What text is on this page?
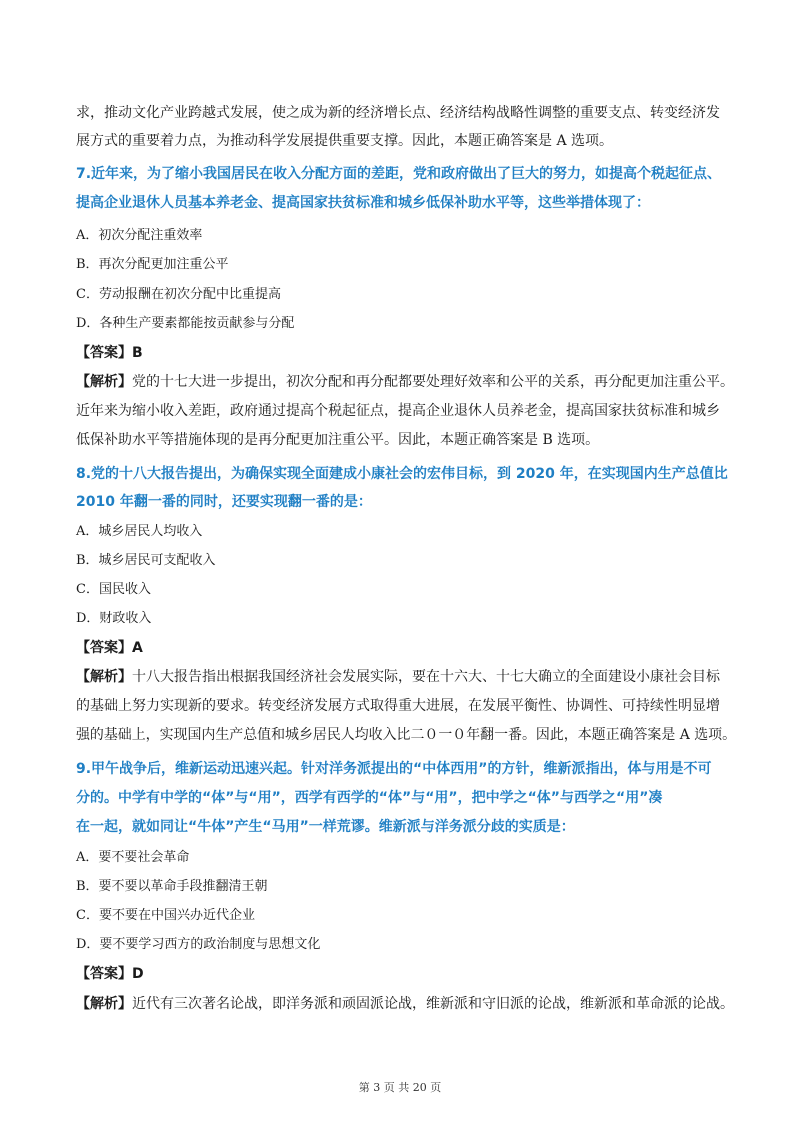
求，推动文化产业跨越式发展，使之成为新的经济增长点、经济结构战略性调整的重要支点、转变经济发
展方式的重要着力点，为推动科学发展提供重要支撑。因此，本题正确答案是 A 选项。
7.近年来，为了缩小我国居民在收入分配方面的差距，党和政府做出了巨大的努力，如提高个税起征点、
提高企业退休人员基本养老金、提高国家扶贫标准和城乡低保补助水平等，这些举措体现了：
A．初次分配注重效率
B．再次分配更加注重公平
C．劳动报酬在初次分配中比重提高
D．各种生产要素都能按贡献参与分配
【答案】B
【解析】党的十七大进一步提出，初次分配和再分配都要处理好效率和公平的关系，再分配更加注重公平。
近年来为缩小收入差距，政府通过提高个税起征点，提高企业退休人员养老金，提高国家扶贫标准和城乡
低保补助水平等措施体现的是再分配更加注重公平。因此，本题正确答案是 B 选项。
8.党的十八大报告提出，为确保实现全面建成小康社会的宏伟目标，到 2020 年，在实现国内生产总值比
2010 年翻一番的同时，还要实现翻一番的是：
A．城乡居民人均收入
B．城乡居民可支配收入
C．国民收入
D．财政收入
【答案】A
【解析】十八大报告指出根据我国经济社会发展实际，要在十六大、十七大确立的全面建设小康社会目标
的基础上努力实现新的要求。转变经济发展方式取得重大进展，在发展平衡性、协调性、可持续性明显增
强的基础上，实现国内生产总值和城乡居民人均收入比二０一０年翻一番。因此，本题正确答案是 A 选项。
9.甲午战争后，维新运动迅速兴起。针对洋务派提出的“中体西用”的方针，维新派指出，体与用是不可
分的。中学有中学的“体”与“用”，西学有西学的“体”与“用”，把中学之“体”与西学之“用”凑
在一起，就如同让“牛体”产生“马用”一样荒谬。维新派与洋务派分歧的实质是：
A．要不要社会革命
B．要不要以革命手段推翻清王朝
C．要不要在中国兴办近代企业
D．要不要学习西方的政治制度与思想文化
【答案】D
【解析】近代有三次著名论战，即洋务派和顽固派论战，维新派和守旧派的论战，维新派和革命派的论战。
第 3 页 共 20 页
